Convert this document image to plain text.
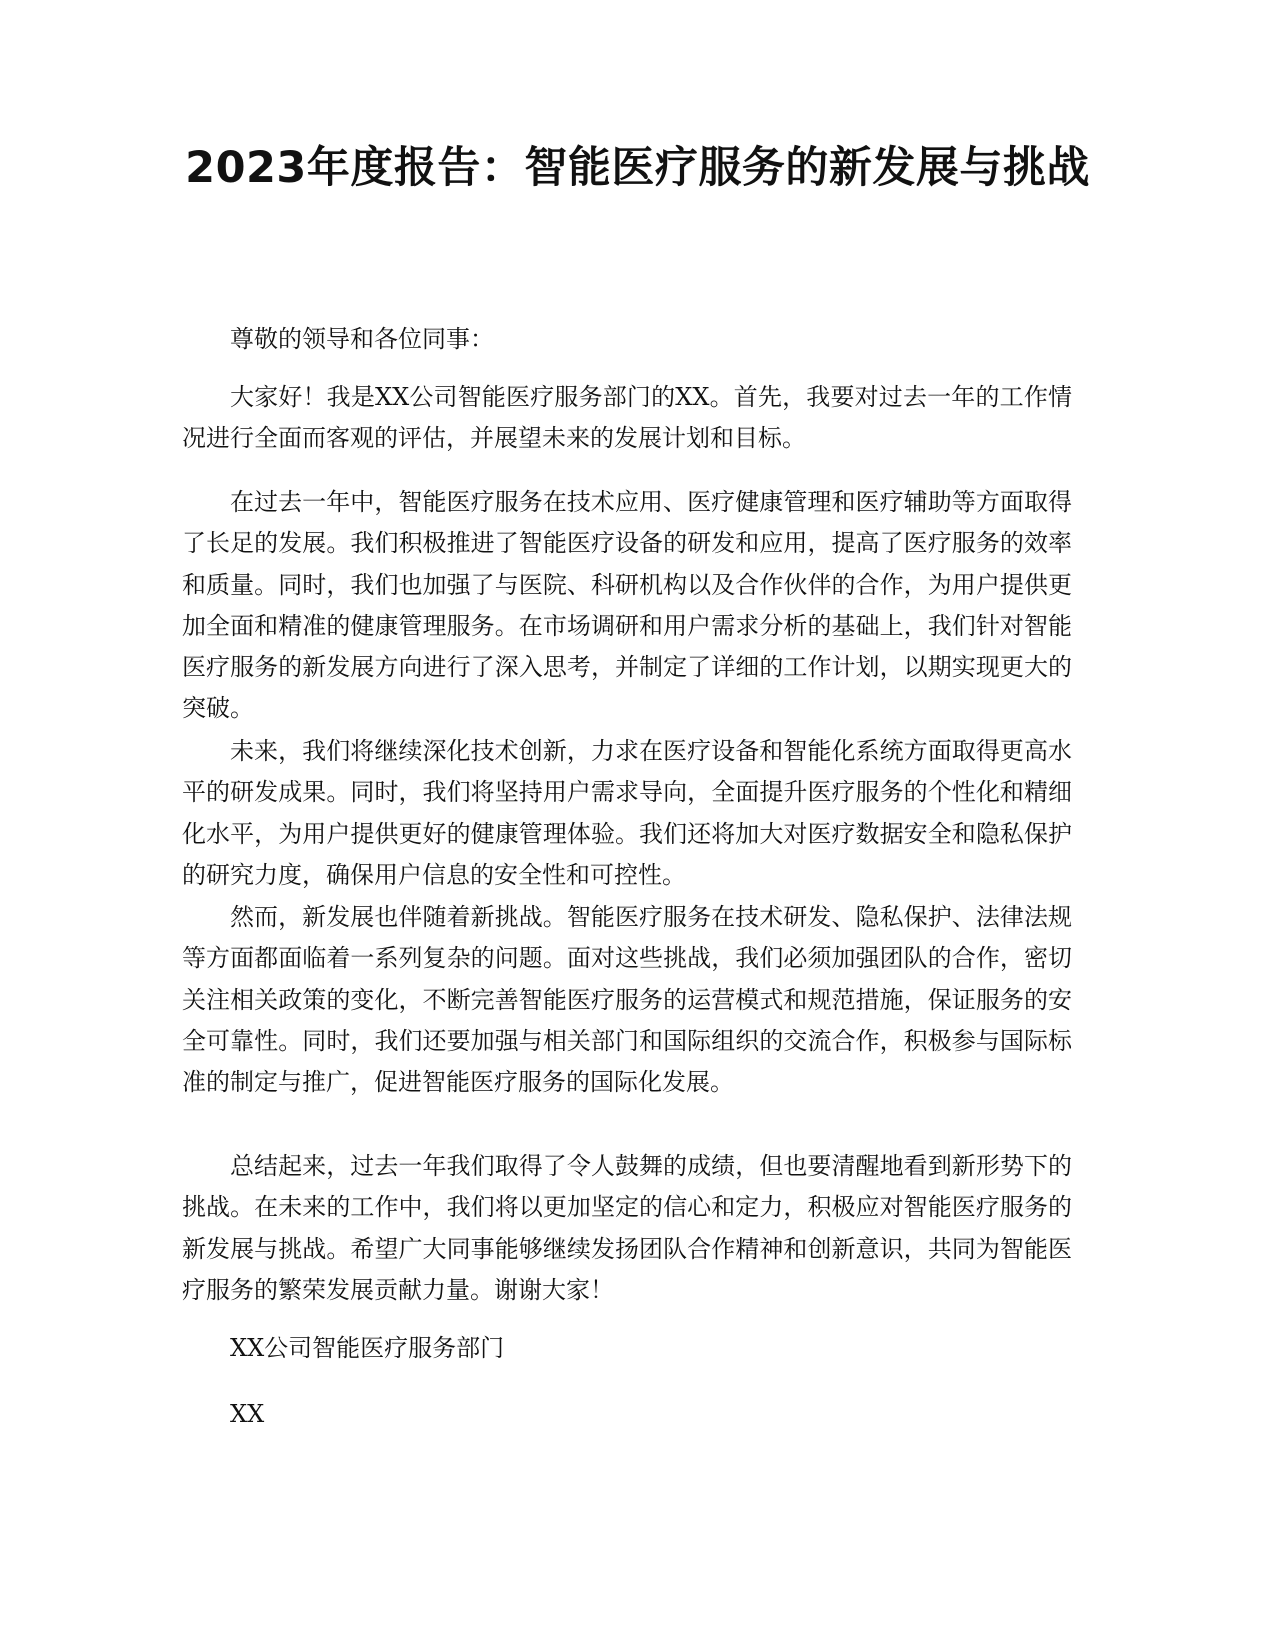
2023年度报告：智能医疗服务的新发展与挑战

尊敬的领导和各位同事：

大家好！我是XX公司智能医疗服务部门的XX。首先，我要对过去一年的工作情况进行全面而客观的评估，并展望未来的发展计划和目标。

在过去一年中，智能医疗服务在技术应用、医疗健康管理和医疗辅助等方面取得了长足的发展。我们积极推进了智能医疗设备的研发和应用，提高了医疗服务的效率和质量。同时，我们也加强了与医院、科研机构以及合作伙伴的合作，为用户提供更加全面和精准的健康管理服务。在市场调研和用户需求分析的基础上，我们针对智能医疗服务的新发展方向进行了深入思考，并制定了详细的工作计划，以期实现更大的突破。

未来，我们将继续深化技术创新，力求在医疗设备和智能化系统方面取得更高水平的研发成果。同时，我们将坚持用户需求导向，全面提升医疗服务的个性化和精细化水平，为用户提供更好的健康管理体验。我们还将加大对医疗数据安全和隐私保护的研究力度，确保用户信息的安全性和可控性。

然而，新发展也伴随着新挑战。智能医疗服务在技术研发、隐私保护、法律法规等方面都面临着一系列复杂的问题。面对这些挑战，我们必须加强团队的合作，密切关注相关政策的变化，不断完善智能医疗服务的运营模式和规范措施，保证服务的安全可靠性。同时，我们还要加强与相关部门和国际组织的交流合作，积极参与国际标准的制定与推广，促进智能医疗服务的国际化发展。

总结起来，过去一年我们取得了令人鼓舞的成绩，但也要清醒地看到新形势下的挑战。在未来的工作中，我们将以更加坚定的信心和定力，积极应对智能医疗服务的新发展与挑战。希望广大同事能够继续发扬团队合作精神和创新意识，共同为智能医疗服务的繁荣发展贡献力量。谢谢大家！

XX公司智能医疗服务部门

XX
